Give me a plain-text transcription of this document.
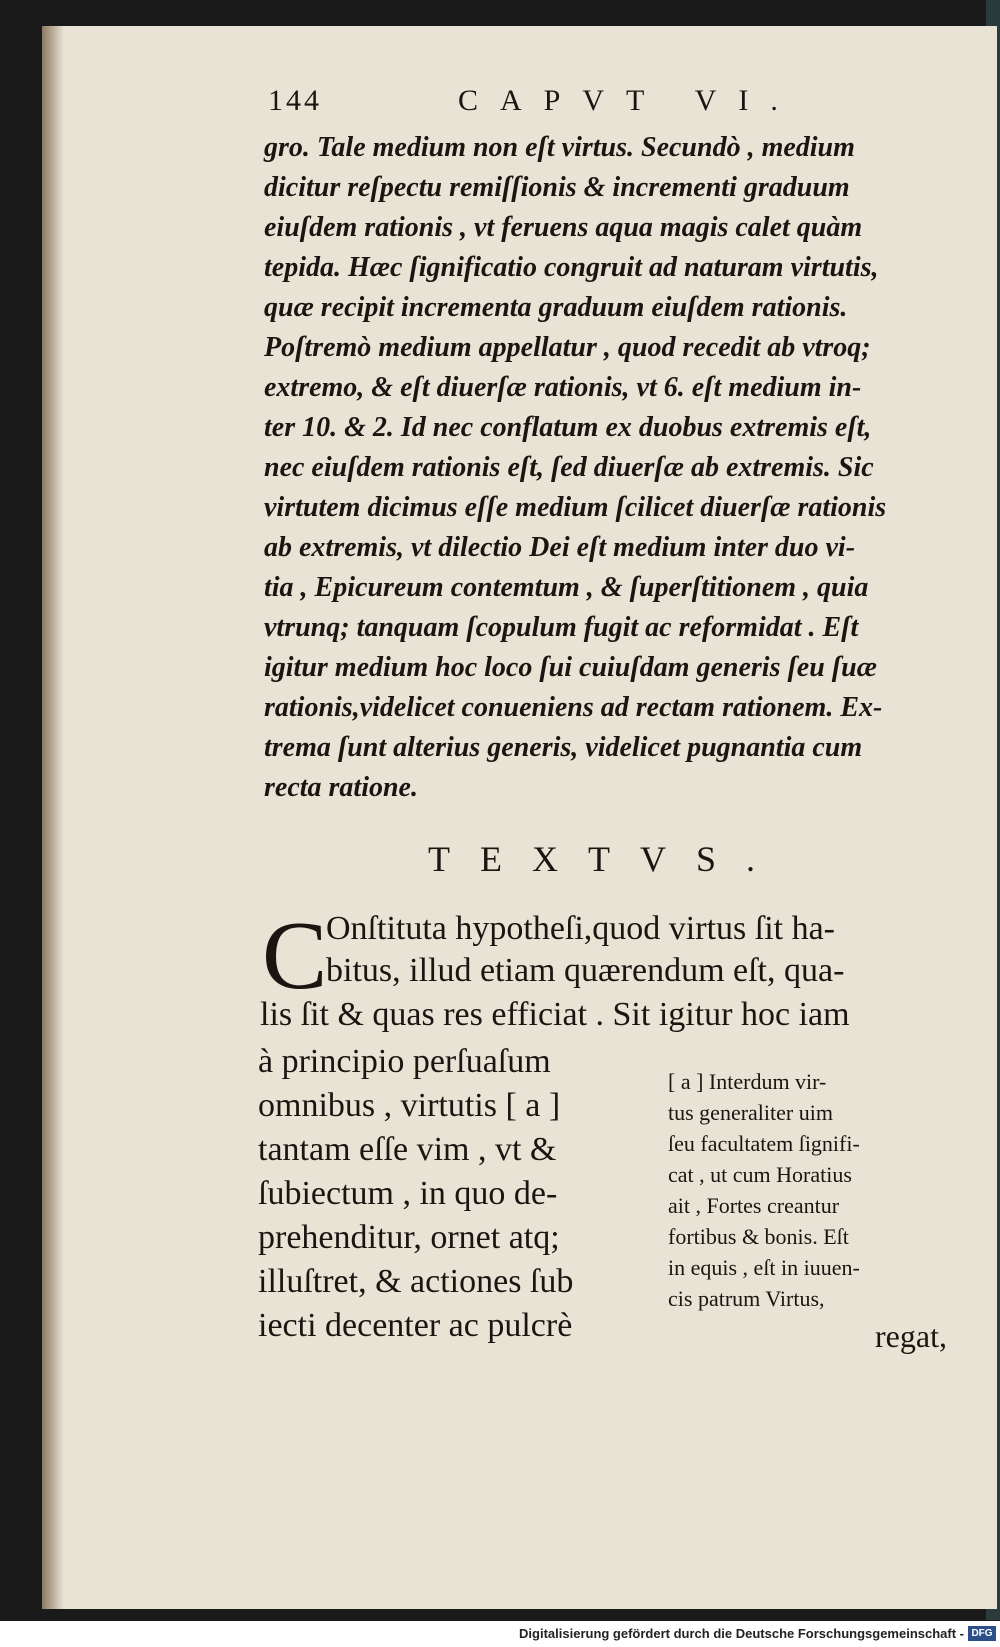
144	CAPVT VI.
gro. Tale medium non eſt virtus. Secundò , medium
dicitur reſpectu remiſſionis & incrementi graduum
eiuſdem rationis , vt feruens aqua magis calet quàm
tepida. Hæc ſignificatio congruit ad naturam virtutis,
quæ recipit incrementa graduum eiuſdem rationis.
Poſtremò medium appellatur , quod recedit ab vtroq;
extremo, & eſt diuerſæ rationis, vt 6. eſt medium in-
ter 10. & 2. Id nec conflatum ex duobus extremis eſt,
nec eiuſdem rationis eſt, ſed diuerſæ ab extremis. Sic
virtutem dicimus eſſe medium ſcilicet diuerſæ rationis
ab extremis, vt dilectio Dei eſt medium inter duo vi-
tia , Epicureum contemtum , & ſuperſtitionem , quia
vtrunq; tanquam ſcopulum fugit ac reformidat . Eſt
igitur medium hoc loco ſui cuiuſdam generis ſeu ſuæ
rationis,videlicet conueniens ad rectam rationem. Ex-
trema ſunt alterius generis, videlicet pugnantia cum
recta ratione.
TEXTVS.
C
Onſtituta hypotheſi,quod virtus ſit ha-
bitus, illud etiam quærendum eſt, qua-
lis ſit & quas res efficiat . Sit igitur hoc iam
à principio perſuaſum
omnibus , virtutis [ a ]
tantam eſſe vim , vt &
ſubiectum , in quo de-
prehenditur, ornet atq;
illuſtret, & actiones ſub
iecti decenter ac pulcrè
[ a ] Interdum vir-
tus generaliter uim
ſeu facultatem ſignifi-
cat , ut cum Horatius
ait , Fortes creantur
fortibus & bonis. Eſt
in equis , eſt in iuuen-
cis patrum Virtus,
regat,
Digitalisierung gefördert durch die Deutsche Forschungsgemeinschaft - DFG
